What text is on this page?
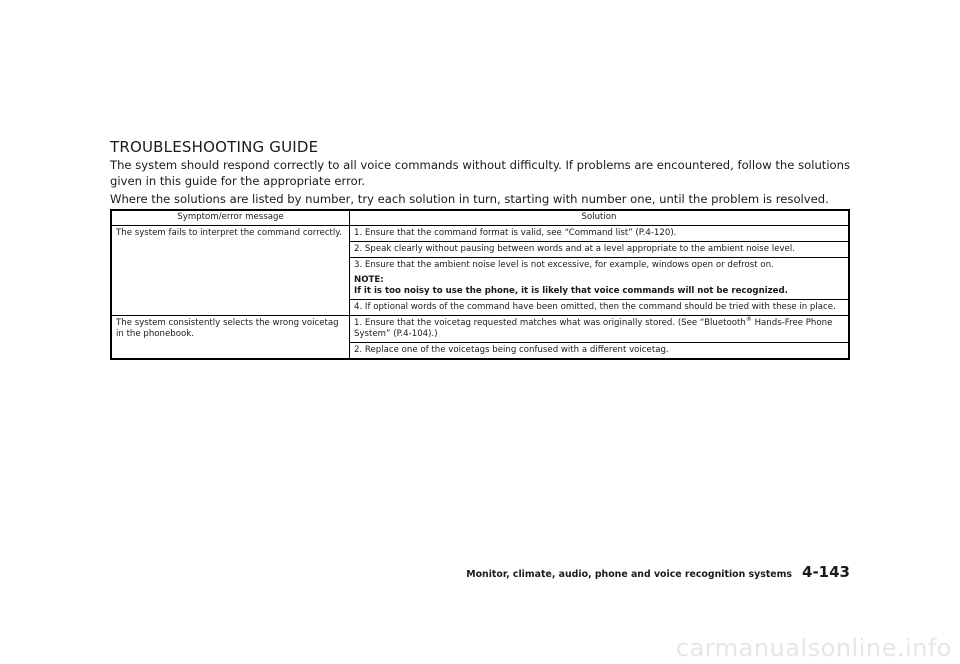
TROUBLESHOOTING GUIDE
The system should respond correctly to all voice commands without difficulty. If problems are encountered, follow the solutions given in this guide for the appropriate error.
Where the solutions are listed by number, try each solution in turn, starting with number one, until the problem is resolved.
Symptom/error message	Solution
The system fails to interpret the command correctly.	1. Ensure that the command format is valid, see “Command list” (P.4-120).
	2. Speak clearly without pausing between words and at a level appropriate to the ambient noise level.

	3. Ensure that the ambient noise level is not excessive, for example, windows open or defrost on.
NOTE:
If it is too noisy to use the phone, it is likely that voice commands will not be recognized.

	4. If optional words of the command have been omitted, then the command should be tried with these in place.
The system consistently selects the wrong voicetag in the phonebook.	1. Ensure that the voicetag requested matches what was originally stored. (See “Bluetooth® Hands-Free Phone System” (P.4-104).)
	2. Replace one of the voicetags being confused with a different voicetag.
Monitor, climate, audio, phone and voice recognition systems 4-143
carmanualsonline.info
